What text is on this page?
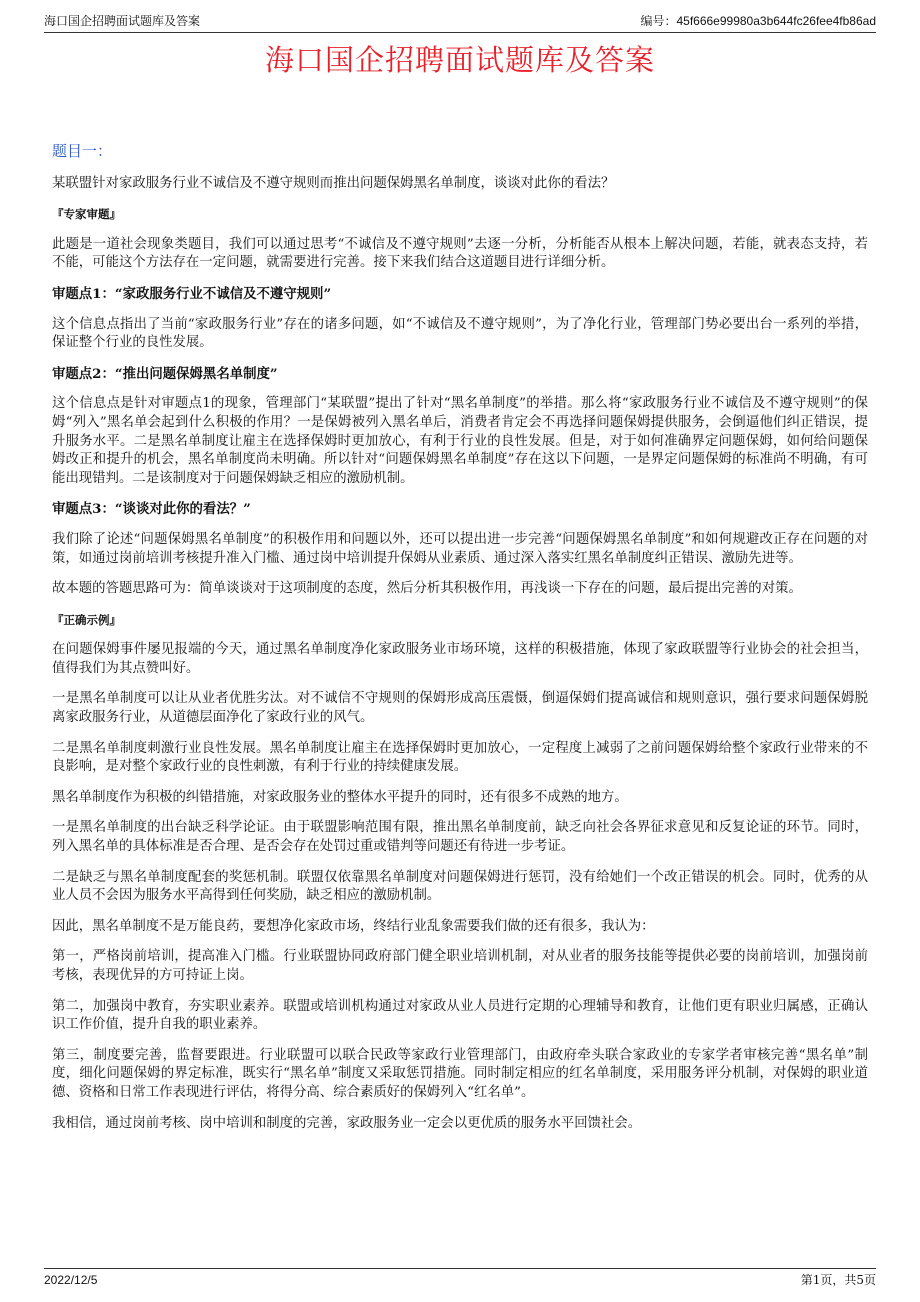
海口国企招聘面试题库及答案	编号：45f666e99980a3b644fc26fee4fb86ad
海口国企招聘面试题库及答案

题目一：

某联盟针对家政服务行业不诚信及不遵守规则而推出问题保姆黑名单制度，谈谈对此你的看法？

『专家审题』

此题是一道社会现象类题目，我们可以通过思考“不诚信及不遵守规则”去逐一分析，分析能否从根本上解决问题，若能，就表态支持，若不能，可能这个方法存在一定问题，就需要进行完善。接下来我们结合这道题目进行详细分析。

审题点1：“家政服务行业不诚信及不遵守规则”

这个信息点指出了当前“家政服务行业”存在的诸多问题，如“不诚信及不遵守规则”，为了净化行业，管理部门势必要出台一系列的举措，保证整个行业的良性发展。

审题点2：“推出问题保姆黑名单制度”

这个信息点是针对审题点1的现象，管理部门“某联盟”提出了针对“黑名单制度”的举措。那么将“家政服务行业不诚信及不遵守规则”的保姆“列入”黑名单会起到什么积极的作用？一是保姆被列入黑名单后，消费者肯定会不再选择问题保姆提供服务，会倒逼他们纠正错误，提升服务水平。二是黑名单制度让雇主在选择保姆时更加放心，有利于行业的良性发展。但是，对于如何准确界定问题保姆，如何给问题保姆改正和提升的机会，黑名单制度尚未明确。所以针对“问题保姆黑名单制度”存在这以下问题，一是界定问题保姆的标准尚不明确，有可能出现错判。二是该制度对于问题保姆缺乏相应的激励机制。

审题点3：“谈谈对此你的看法？”

我们除了论述“问题保姆黑名单制度”的积极作用和问题以外，还可以提出进一步完善“问题保姆黑名单制度”和如何规避改正存在问题的对策，如通过岗前培训考核提升准入门槛、通过岗中培训提升保姆从业素质、通过深入落实红黑名单制度纠正错误、激励先进等。

故本题的答题思路可为：简单谈谈对于这项制度的态度，然后分析其积极作用，再浅谈一下存在的问题，最后提出完善的对策。

『正确示例』

在问题保姆事件屡见报端的今天，通过黑名单制度净化家政服务业市场环境，这样的积极措施，体现了家政联盟等行业协会的社会担当，值得我们为其点赞叫好。

一是黑名单制度可以让从业者优胜劣汰。对不诚信不守规则的保姆形成高压震慑，倒逼保姆们提高诚信和规则意识，强行要求问题保姆脱离家政服务行业，从道德层面净化了家政行业的风气。

二是黑名单制度刺激行业良性发展。黑名单制度让雇主在选择保姆时更加放心，一定程度上减弱了之前问题保姆给整个家政行业带来的不良影响，是对整个家政行业的良性刺激，有利于行业的持续健康发展。

黑名单制度作为积极的纠错措施，对家政服务业的整体水平提升的同时，还有很多不成熟的地方。

一是黑名单制度的出台缺乏科学论证。由于联盟影响范围有限，推出黑名单制度前，缺乏向社会各界征求意见和反复论证的环节。同时，列入黑名单的具体标准是否合理、是否会存在处罚过重或错判等问题还有待进一步考证。

二是缺乏与黑名单制度配套的奖惩机制。联盟仅依靠黑名单制度对问题保姆进行惩罚，没有给她们一个改正错误的机会。同时，优秀的从业人员不会因为服务水平高得到任何奖励，缺乏相应的激励机制。

因此，黑名单制度不是万能良药，要想净化家政市场，终结行业乱象需要我们做的还有很多，我认为：

第一，严格岗前培训，提高准入门槛。行业联盟协同政府部门健全职业培训机制，对从业者的服务技能等提供必要的岗前培训，加强岗前考核，表现优异的方可持证上岗。

第二，加强岗中教育，夯实职业素养。联盟或培训机构通过对家政从业人员进行定期的心理辅导和教育，让他们更有职业归属感，正确认识工作价值，提升自我的职业素养。

第三，制度要完善，监督要跟进。行业联盟可以联合民政等家政行业管理部门，由政府牵头联合家政业的专家学者审核完善“黑名单”制度，细化问题保姆的界定标准，既实行“黑名单”制度又采取惩罚措施。同时制定相应的红名单制度，采用服务评分机制，对保姆的职业道德、资格和日常工作表现进行评估，将得分高、综合素质好的保姆列入“红名单”。

我相信，通过岗前考核、岗中培训和制度的完善，家政服务业一定会以更优质的服务水平回馈社会。

2022/12/5	第1页，共5页
